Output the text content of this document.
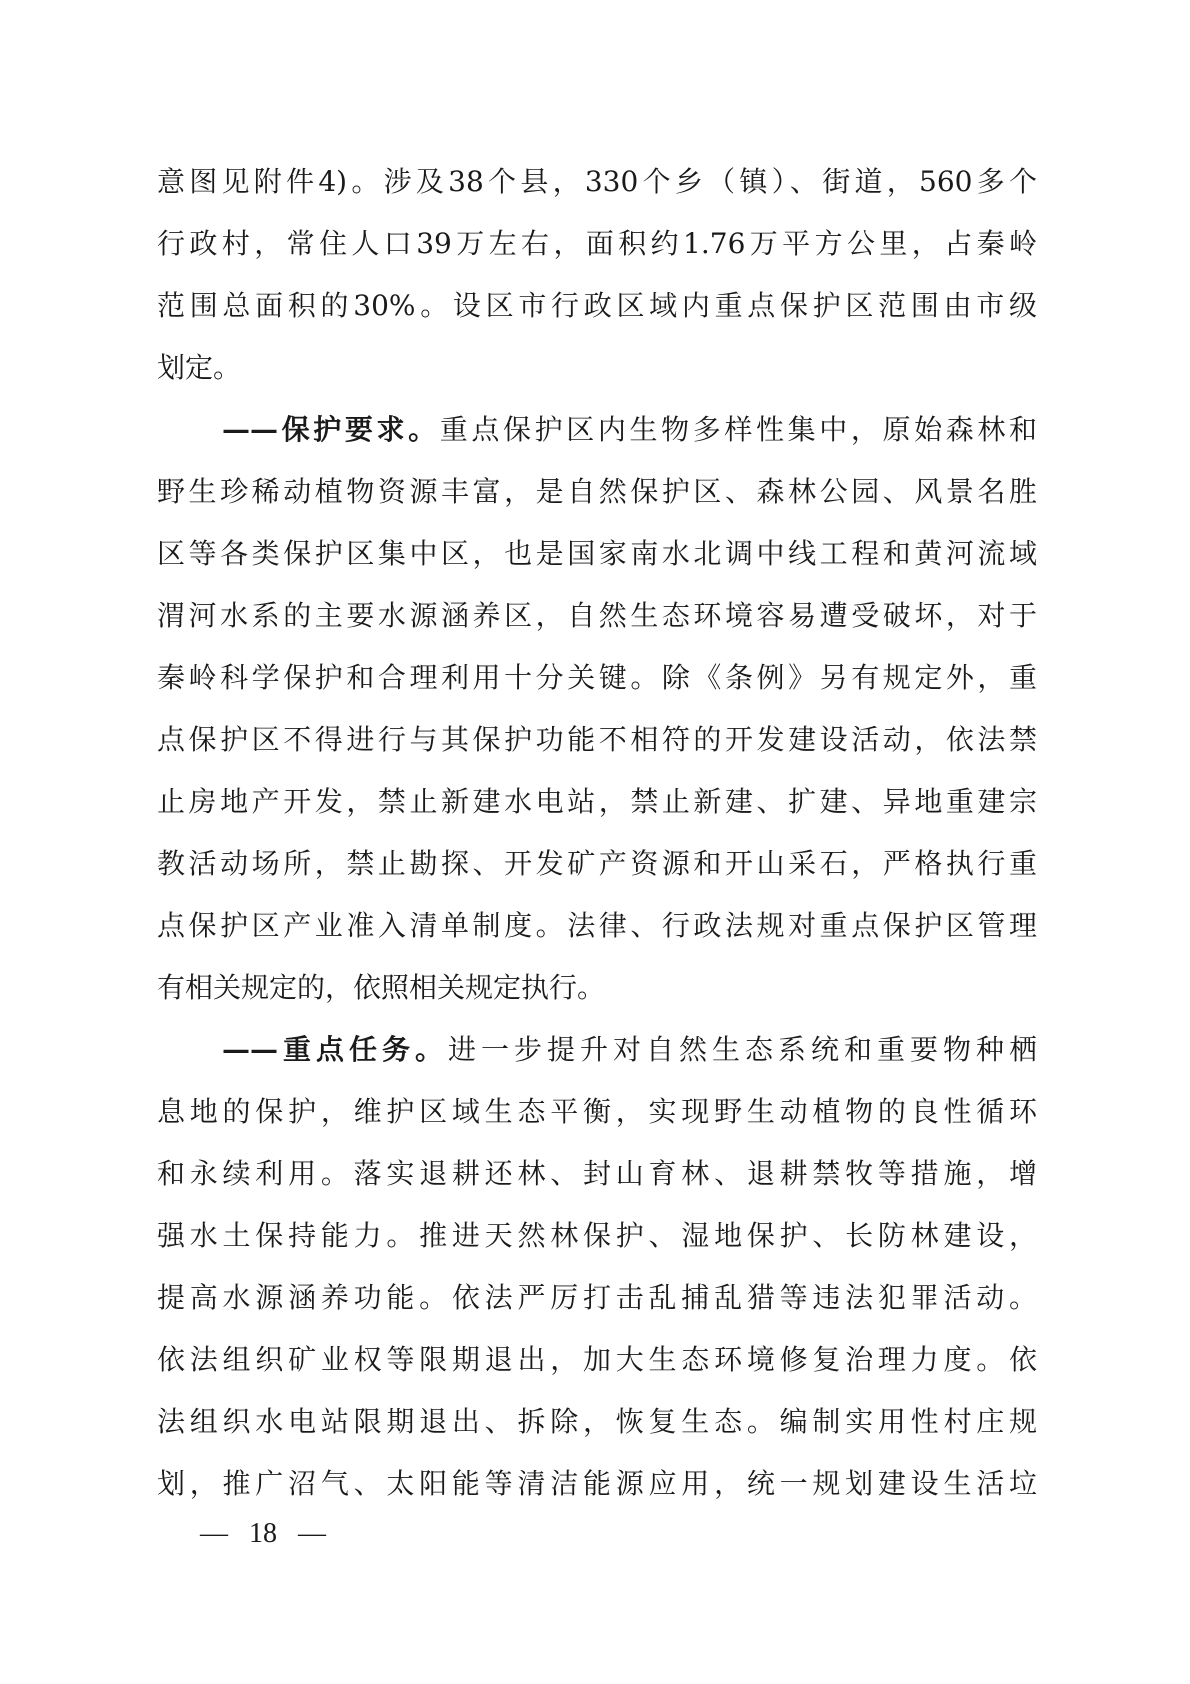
意图见附件4)。涉及38个县，330个乡（镇）、街道，560多个
行政村，常住人口39万左右，面积约1.76万平方公里，占秦岭
范围总面积的30%。设区市行政区域内重点保护区范围由市级
划定。
——保护要求。重点保护区内生物多样性集中，原始森林和
野生珍稀动植物资源丰富，是自然保护区、森林公园、风景名胜
区等各类保护区集中区，也是国家南水北调中线工程和黄河流域
渭河水系的主要水源涵养区，自然生态环境容易遭受破坏，对于
秦岭科学保护和合理利用十分关键。除《条例》另有规定外，重
点保护区不得进行与其保护功能不相符的开发建设活动，依法禁
止房地产开发，禁止新建水电站，禁止新建、扩建、异地重建宗
教活动场所，禁止勘探、开发矿产资源和开山采石，严格执行重
点保护区产业准入清单制度。法律、行政法规对重点保护区管理
有相关规定的，依照相关规定执行。
——重点任务。进一步提升对自然生态系统和重要物种栖
息地的保护，维护区域生态平衡，实现野生动植物的良性循环
和永续利用。落实退耕还林、封山育林、退耕禁牧等措施，增
强水土保持能力。推进天然林保护、湿地保护、长防林建设，
提高水源涵养功能。依法严厉打击乱捕乱猎等违法犯罪活动。
依法组织矿业权等限期退出，加大生态环境修复治理力度。依
法组织水电站限期退出、拆除，恢复生态。编制实用性村庄规
划，推广沼气、太阳能等清洁能源应用，统一规划建设生活垃
— 18 —
